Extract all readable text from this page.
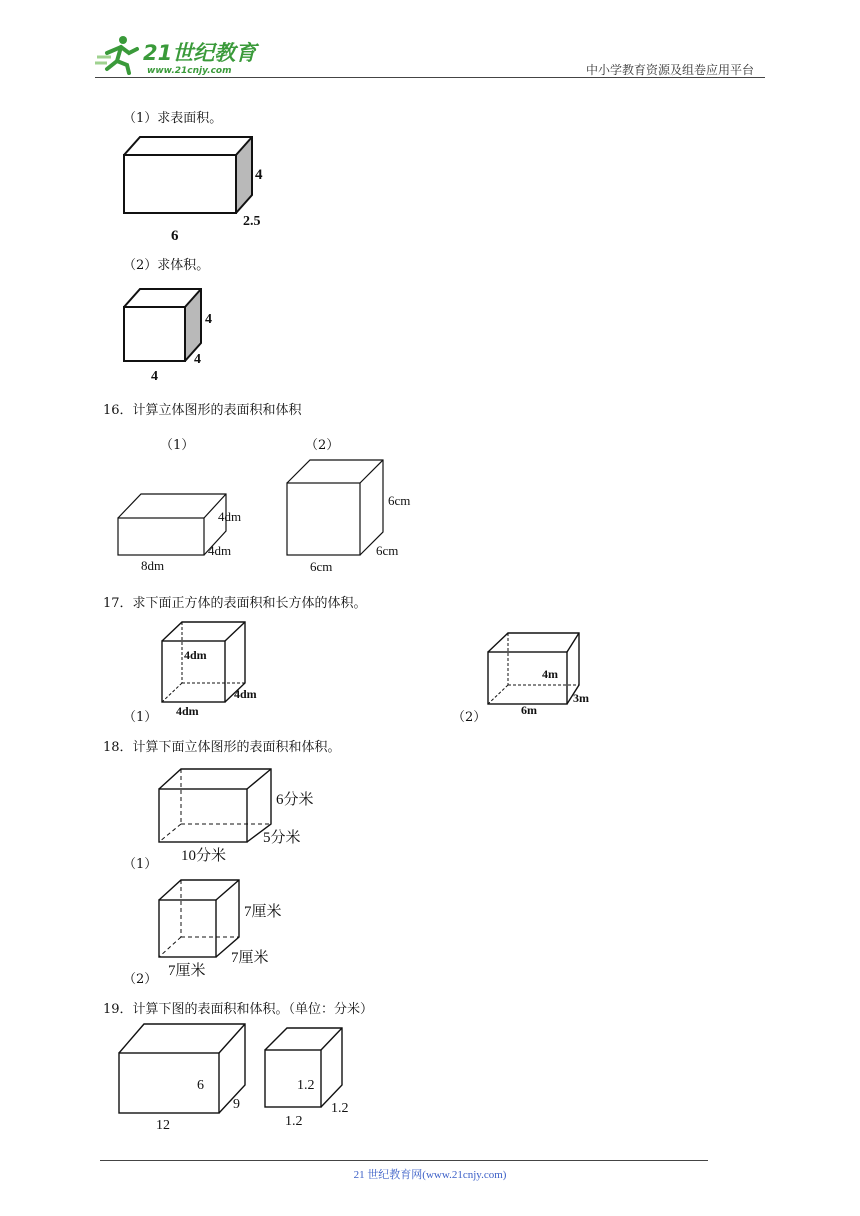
21世纪教育
www.21cnjy.com	中小学教育资源及组卷应用平台
（1）求表面积。
4
2.5
6
（2）求体积。
4
4
4
16．计算立体图形的表面积和体积
（1）	（2）
4dm
4dm
8dm
6cm
6cm
6cm
17．求下面正方体的表面积和长方体的体积。
（1）
4dm
4dm
4dm	（2）
4m
3m
6m
18．计算下面立体图形的表面积和体积。
（1）
6分米
5分米
10分米
（2）
7厘米
7厘米
7厘米
19．计算下图的表面积和体积。（单位：分米）
6
9
12
1.2
1.2
1.2
21 世纪教育网(www.21cnjy.com)
